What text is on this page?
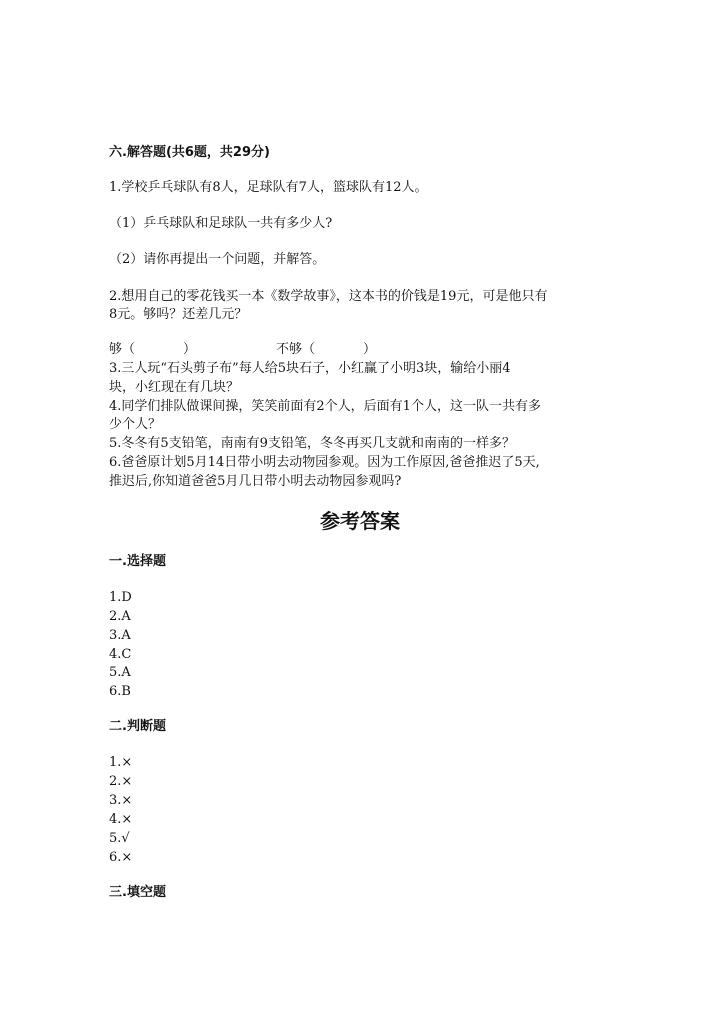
六.解答题(共6题，共29分)
1.学校乒乓球队有8人，足球队有7人，篮球队有12人。
（1）乒乓球队和足球队一共有多少人?
（2）请你再提出一个问题，并解答。
2.想用自己的零花钱买一本《数学故事》，这本书的价钱是19元，可是他只有
8元。够吗？还差几元？
够（	）	不够（	）
3.三人玩“石头剪子布”每人给5块石子，小红赢了小明3块，输给小丽4
块，小红现在有几块？
4.同学们排队做课间操，笑笑前面有2个人，后面有1个人，这一队一共有多
少个人？
5.冬冬有5支铅笔，南南有9支铅笔，冬冬再买几支就和南南的一样多？
6.爸爸原计划5月14日带小明去动物园参观。因为工作原因,爸爸推迟了5天,
推迟后,你知道爸爸5月几日带小明去动物园参观吗?
参考答案
一.选择题
1.D
2.A
3.A
4.C
5.A
6.B
二.判断题
1.×
2.×
3.×
4.×
5.√
6.×
三.填空题
